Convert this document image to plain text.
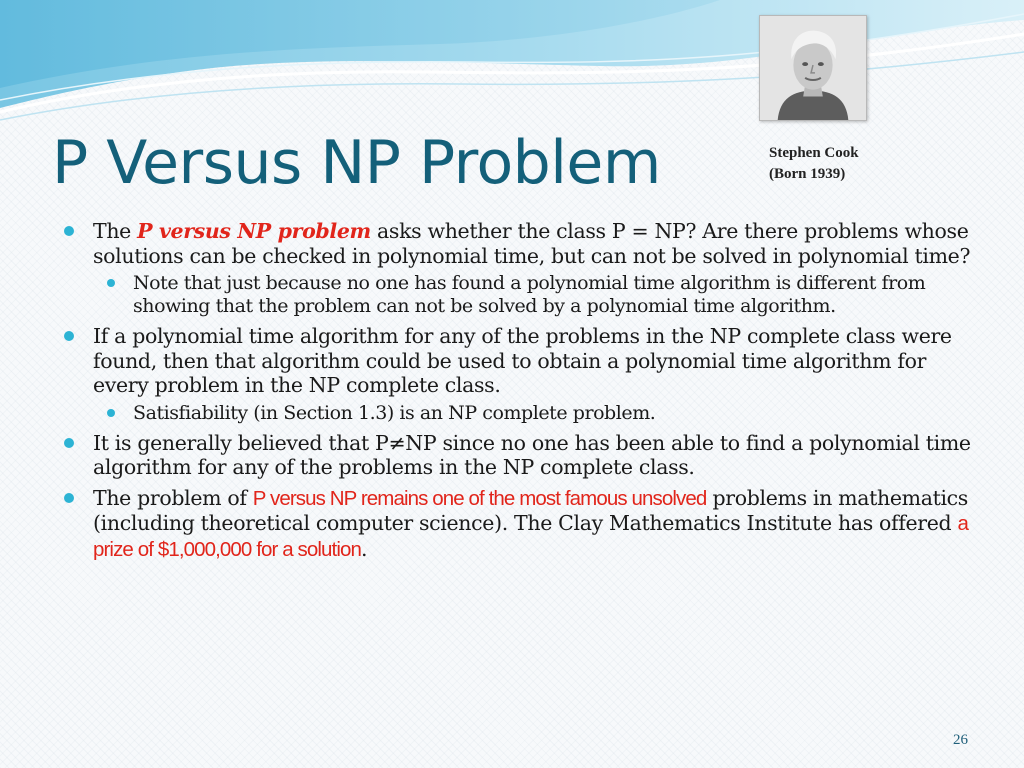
P Versus NP Problem	Stephen Cook
(Born 1939)
The P versus NP problem asks whether the class P = NP? Are there problems whose solutions can be checked in polynomial time, but can not be solved in polynomial time?
Note that just because no one has found a polynomial time algorithm is different from showing that the problem can not be solved by a polynomial time algorithm.
If a polynomial time algorithm for any of the problems in the NP complete class were found, then that algorithm could be used to obtain a polynomial time algorithm for every problem in the NP complete class.
Satisfiability (in Section 1.3) is an NP complete problem.
It is generally believed that P≠NP since no one has been able to find a polynomial time algorithm for any of the problems in the NP complete class.
The problem of P versus NP remains one of the most famous unsolved problems in mathematics (including theoretical computer science). The Clay Mathematics Institute has offered a prize of $1,000,000 for a solution.
26
